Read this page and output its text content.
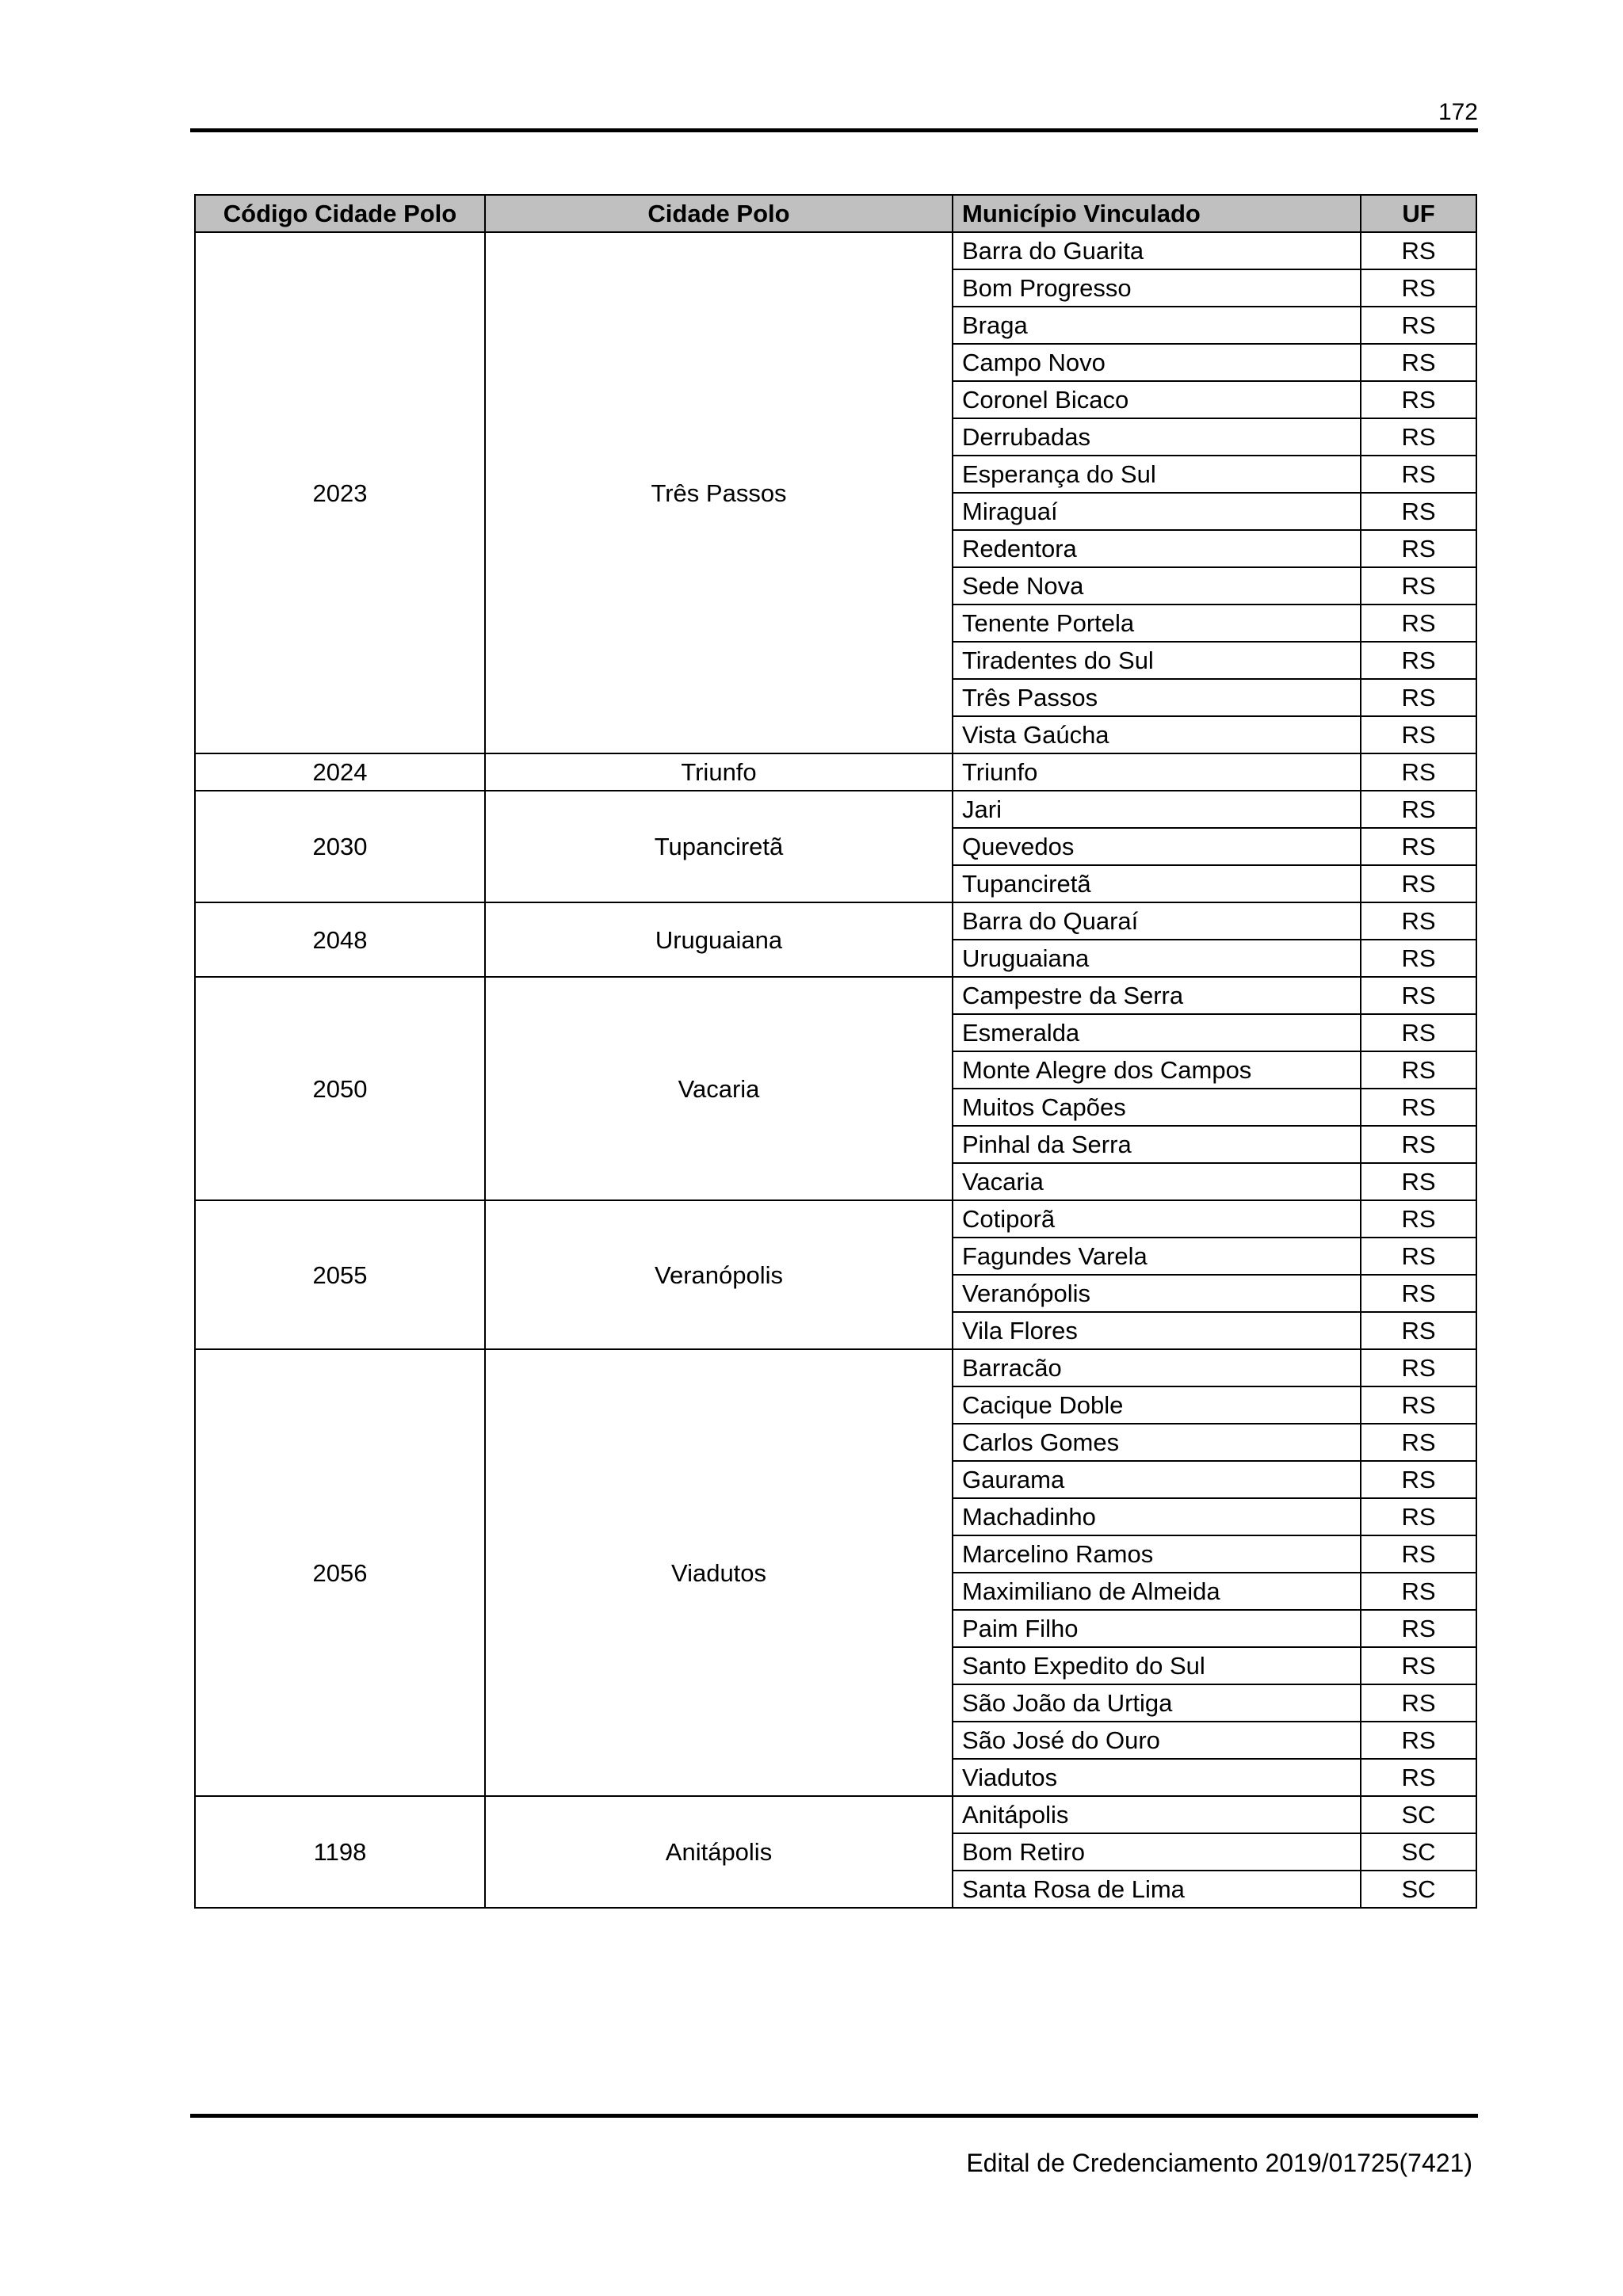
172
Código Cidade Polo	Cidade Polo	Município Vinculado	UF
2023	Três Passos	Barra do Guarita	RS
		Bom Progresso	RS
		Braga	RS
		Campo Novo	RS
		Coronel Bicaco	RS
		Derrubadas	RS
		Esperança do Sul	RS
		Miraguaí	RS
		Redentora	RS
		Sede Nova	RS
		Tenente Portela	RS
		Tiradentes do Sul	RS
		Três Passos	RS
		Vista Gaúcha	RS
2024	Triunfo	Triunfo	RS
2030	Tupanciretã	Jari	RS
		Quevedos	RS
		Tupanciretã	RS
2048	Uruguaiana	Barra do Quaraí	RS
		Uruguaiana	RS
2050	Vacaria	Campestre da Serra	RS
		Esmeralda	RS
		Monte Alegre dos Campos	RS
		Muitos Capões	RS
		Pinhal da Serra	RS
		Vacaria	RS
2055	Veranópolis	Cotiporã	RS
		Fagundes Varela	RS
		Veranópolis	RS
		Vila Flores	RS
2056	Viadutos	Barracão	RS
		Cacique Doble	RS
		Carlos Gomes	RS
		Gaurama	RS
		Machadinho	RS
		Marcelino Ramos	RS
		Maximiliano de Almeida	RS
		Paim Filho	RS
		Santo Expedito do Sul	RS
		São João da Urtiga	RS
		São José do Ouro	RS
		Viadutos	RS
1198	Anitápolis	Anitápolis	SC
		Bom Retiro	SC
		Santa Rosa de Lima	SC
Edital de Credenciamento 2019/01725(7421)
